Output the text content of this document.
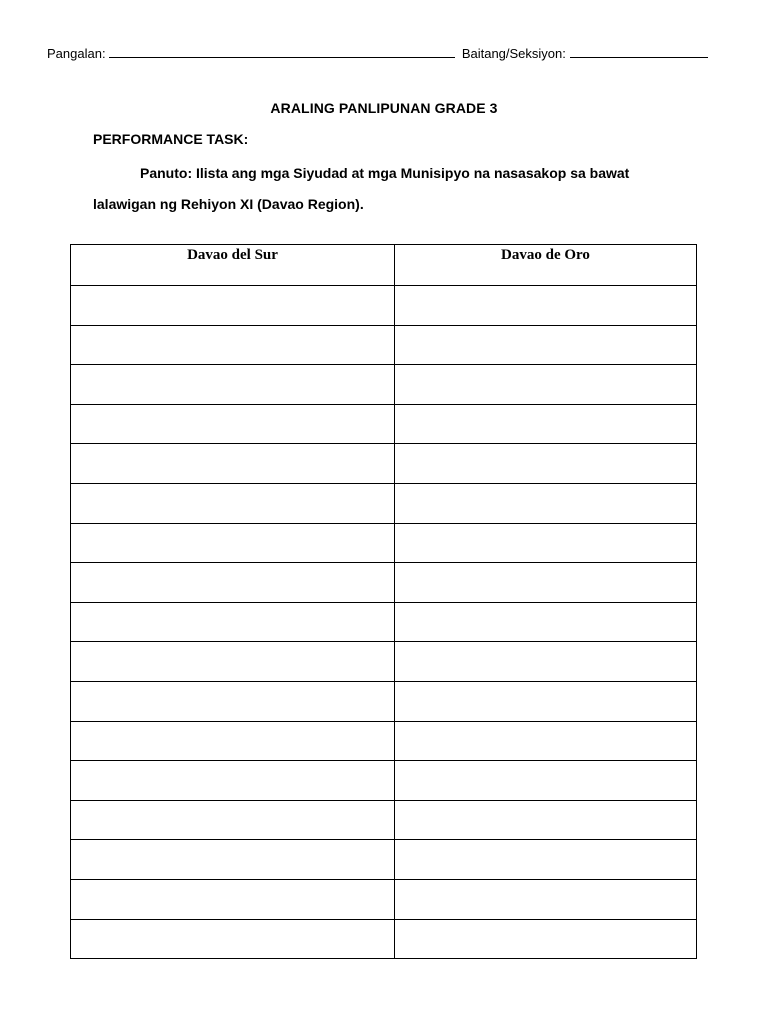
Pangalan:	Baitang/Seksiyon:
ARALING PANLIPUNAN GRADE 3
PERFORMANCE TASK:
Panuto: Ilista ang mga Siyudad at mga Munisipyo na nasasakop sa bawat lalawigan ng Rehiyon XI (Davao Region).
Davao del Sur	Davao de Oro
